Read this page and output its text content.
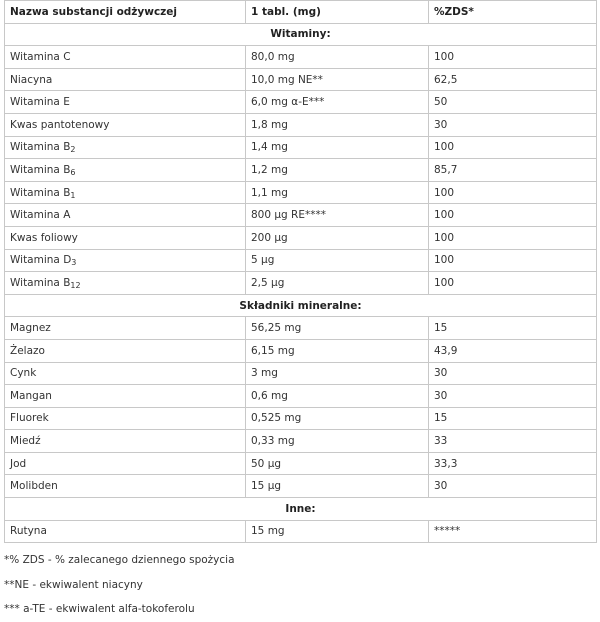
Nazwa substancji odżywczej	1 tabl. (mg)	%ZDS*
Witaminy:		
Witamina C	80,0 mg	100
Niacyna	10,0 mg NE**	62,5
Witamina E	6,0 mg α-E***	50
Kwas pantotenowy	1,8 mg	30
Witamina $B_2$	1,4 mg	100
Witamina $B_6$	1,2 mg	85,7
Witamina $B_1$	1,1 mg	100
Witamina A	800 µg RE****	100
Kwas foliowy	200 µg	100
Witamina $D_3$	5 µg	100
Witamina $B_{12}$	2,5 µg	100
Składniki mineralne:		
Magnez	56,25 mg	15
Żelazo	6,15 mg	43,9
Cynk	3 mg	30
Mangan	0,6 mg	30
Fluorek	0,525 mg	15
Miedź	0,33 mg	33
Jod	50 µg	33,3
Molibden	15 µg	30
Inne:		
Rutyna	15 mg	*****

*% ZDS - % zalecanego dziennego spożycia

**NE - ekwiwalent niacyny

*** a-TE - ekwiwalent alfa-tokoferolu
